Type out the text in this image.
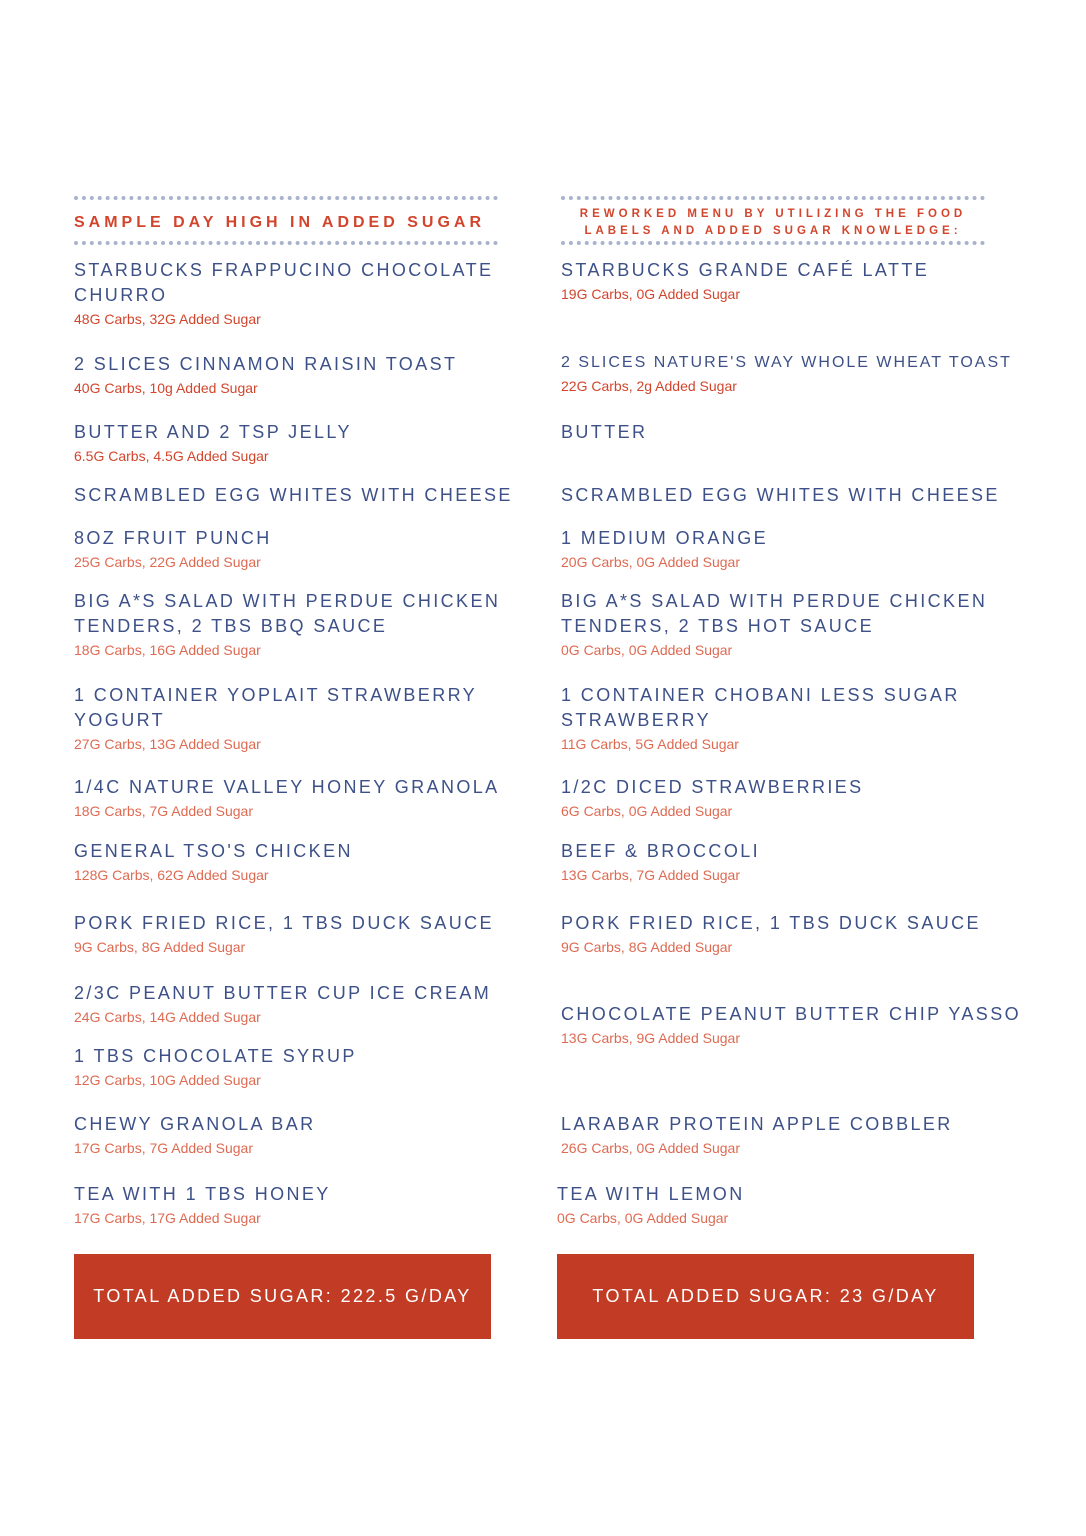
SAMPLE DAY HIGH IN ADDED SUGAR
STARBUCKS FRAPPUCINO CHOCOLATE CHURRO
48G Carbs, 32G Added Sugar
2 SLICES CINNAMON RAISIN TOAST
40G Carbs, 10g Added Sugar
BUTTER AND 2 TSP JELLY
6.5G Carbs, 4.5G Added Sugar
SCRAMBLED EGG WHITES WITH CHEESE
8OZ FRUIT PUNCH
25G Carbs, 22G Added Sugar
BIG A*S SALAD WITH PERDUE CHICKEN TENDERS, 2 TBS BBQ SAUCE
18G Carbs, 16G Added Sugar
1 CONTAINER YOPLAIT STRAWBERRY YOGURT
27G Carbs, 13G Added Sugar
1/4C NATURE VALLEY HONEY GRANOLA
18G Carbs, 7G Added Sugar
GENERAL TSO'S CHICKEN
128G Carbs, 62G Added Sugar
PORK FRIED RICE, 1 TBS DUCK SAUCE
9G Carbs, 8G Added Sugar
2/3C PEANUT BUTTER CUP ICE CREAM
24G Carbs, 14G Added Sugar
1 TBS CHOCOLATE SYRUP
12G Carbs, 10G Added Sugar
CHEWY GRANOLA BAR
17G Carbs, 7G Added Sugar
TEA WITH 1 TBS HONEY
17G Carbs, 17G Added Sugar
TOTAL ADDED SUGAR: 222.5 G/DAY
REWORKED MENU BY UTILIZING THE FOOD
LABELS AND ADDED SUGAR KNOWLEDGE:
STARBUCKS GRANDE CAFÉ LATTE
19G Carbs, 0G Added Sugar
2 SLICES NATURE'S WAY WHOLE WHEAT TOAST
22G Carbs, 2g Added Sugar
BUTTER
SCRAMBLED EGG WHITES WITH CHEESE
1 MEDIUM ORANGE
20G Carbs, 0G Added Sugar
BIG A*S SALAD WITH PERDUE CHICKEN TENDERS, 2 TBS HOT SAUCE
0G Carbs, 0G Added Sugar
1 CONTAINER CHOBANI LESS SUGAR STRAWBERRY
11G Carbs, 5G Added Sugar
1/2C DICED STRAWBERRIES
6G Carbs, 0G Added Sugar
BEEF & BROCCOLI
13G Carbs, 7G Added Sugar
PORK FRIED RICE, 1 TBS DUCK SAUCE
9G Carbs, 8G Added Sugar
CHOCOLATE PEANUT BUTTER CHIP YASSO
13G Carbs, 9G Added Sugar
LARABAR PROTEIN APPLE COBBLER
26G Carbs, 0G Added Sugar
TEA WITH LEMON
0G Carbs, 0G Added Sugar
TOTAL ADDED SUGAR: 23 G/DAY
